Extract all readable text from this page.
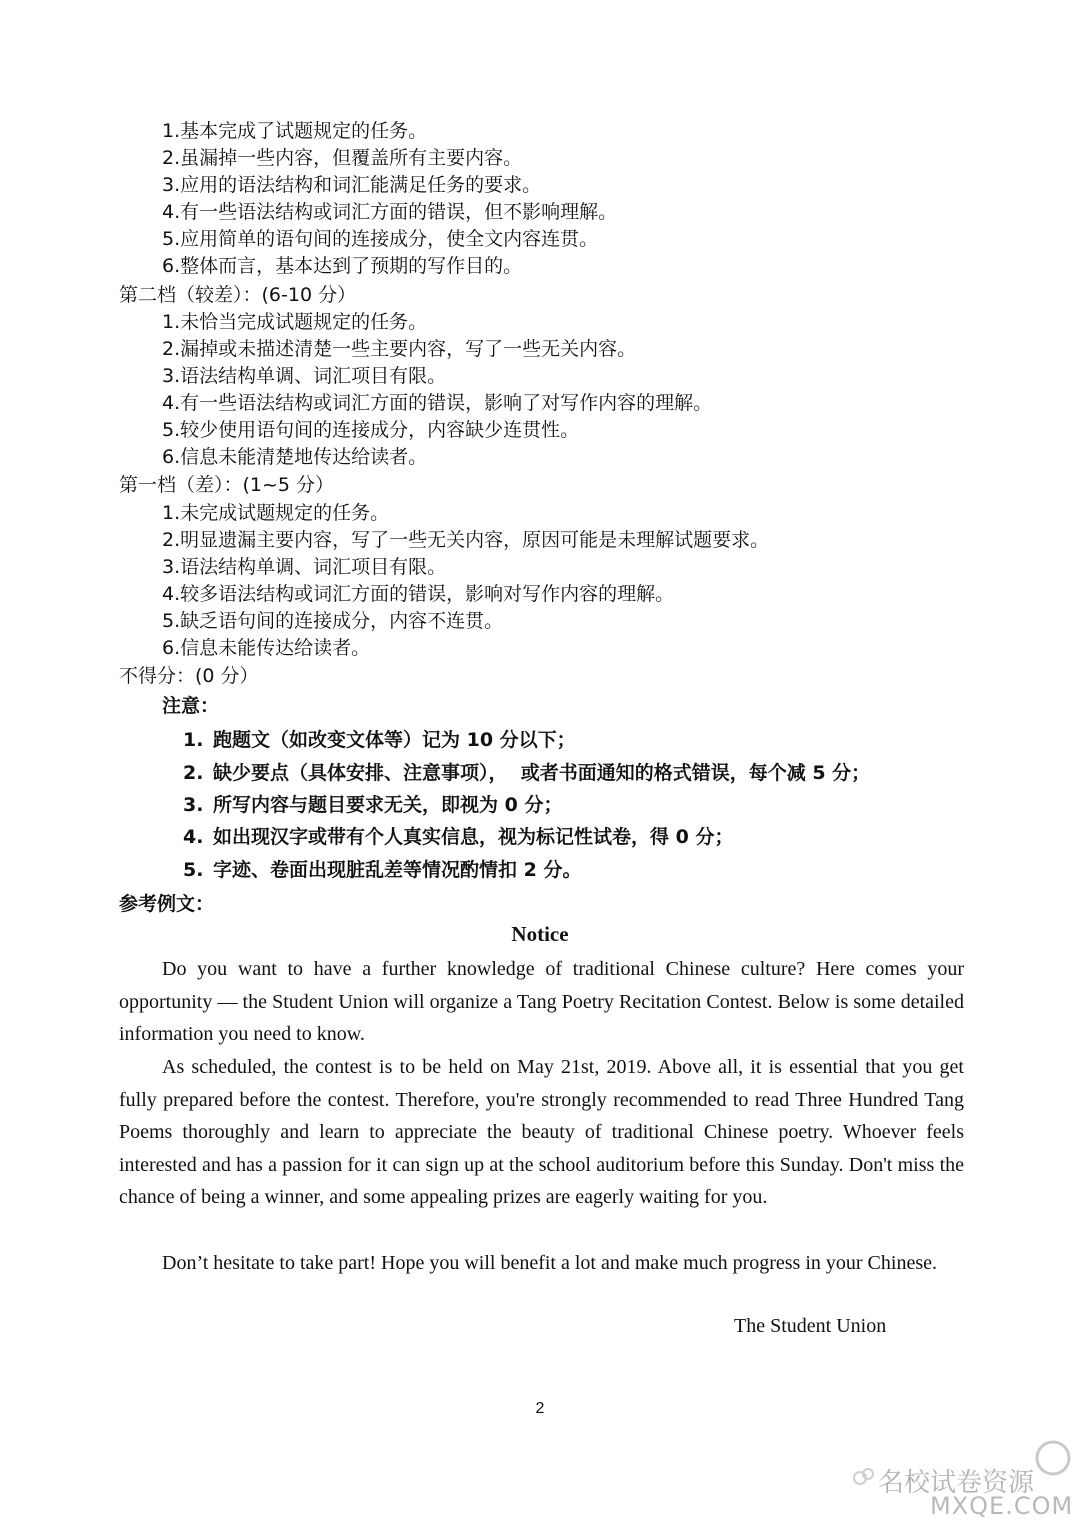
1.基本完成了试题规定的任务。
2.虽漏掉一些内容，但覆盖所有主要内容。
3.应用的语法结构和词汇能满足任务的要求。
4.有一些语法结构或词汇方面的错误，但不影响理解。
5.应用简单的语句间的连接成分，使全文内容连贯。
6.整体而言，基本达到了预期的写作目的。
第二档（较差）：(6-10 分）
1.未恰当完成试题规定的任务。
2.漏掉或未描述清楚一些主要内容，写了一些无关内容。
3.语法结构单调、词汇项目有限。
4.有一些语法结构或词汇方面的错误，影响了对写作内容的理解。
5.较少使用语句间的连接成分，内容缺少连贯性。
6.信息未能清楚地传达给读者。
第一档（差）：(1~5 分）
1.未完成试题规定的任务。
2.明显遗漏主要内容，写了一些无关内容，原因可能是未理解试题要求。
3.语法结构单调、词汇项目有限。
4.较多语法结构或词汇方面的错误，影响对写作内容的理解。
5.缺乏语句间的连接成分，内容不连贯。
6.信息未能传达给读者。
不得分：(0 分）
注意：
1. 跑题文（如改变文体等）记为 10 分以下；
2. 缺少要点（具体安排、注意事项），  或者书面通知的格式错误，每个减 5 分；
3. 所写内容与题目要求无关，即视为 0 分；
4. 如出现汉字或带有个人真实信息，视为标记性试卷，得 0 分；
5. 字迹、卷面出现脏乱差等情况酌情扣 2 分。
参考例文：
Notice

Do you want to have a further knowledge of traditional Chinese culture? Here comes your opportunity — the Student Union will organize a Tang Poetry Recitation Contest. Below is some detailed information you need to know.

As scheduled, the contest is to be held on May 21st, 2019. Above all, it is essential that you get fully prepared before the contest. Therefore, you're strongly recommended to read Three Hundred Tang Poems thoroughly and learn to appreciate the beauty of traditional Chinese poetry. Whoever feels interested and has a passion for it can sign up at the school auditorium before this Sunday. Don't miss the chance of being a winner, and some appealing prizes are eagerly waiting for you.

Don’t hesitate to take part! Hope you will benefit a lot and make much progress in your Chinese.

The Student Union
2
名校试卷资源
MXQE.COM
